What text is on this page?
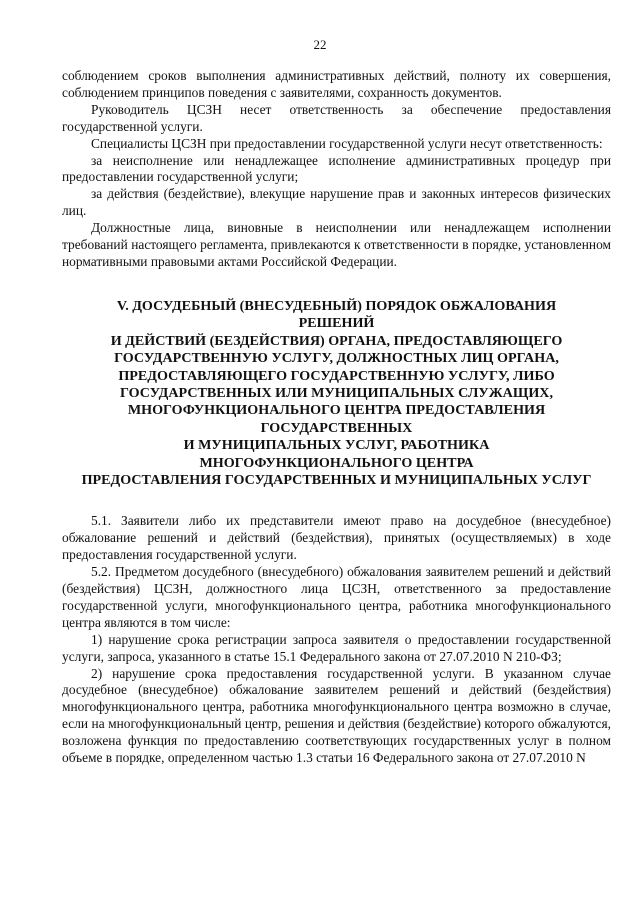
22

соблюдением сроков выполнения административных действий, полноту их совершения, соблюдением принципов поведения с заявителями, сохранность документов.

Руководитель ЦСЗН несет ответственность за обеспечение предоставления государственной услуги.

Специалисты ЦСЗН при предоставлении государственной услуги несут ответственность:

за неисполнение или ненадлежащее исполнение административных процедур при предоставлении государственной услуги;

за действия (бездействие), влекущие нарушение прав и законных интересов физических лиц.

Должностные лица, виновные в неисполнении или ненадлежащем исполнении требований настоящего регламента, привлекаются к ответственности в порядке, установленном нормативными правовыми актами Российской Федерации.

V. ДОСУДЕБНЫЙ (ВНЕСУДЕБНЫЙ) ПОРЯДОК ОБЖАЛОВАНИЯ
РЕШЕНИЙ
И ДЕЙСТВИЙ (БЕЗДЕЙСТВИЯ) ОРГАНА, ПРЕДОСТАВЛЯЮЩЕГО
ГОСУДАРСТВЕННУЮ УСЛУГУ, ДОЛЖНОСТНЫХ ЛИЦ ОРГАНА,
ПРЕДОСТАВЛЯЮЩЕГО ГОСУДАРСТВЕННУЮ УСЛУГУ, ЛИБО
ГОСУДАРСТВЕННЫХ ИЛИ МУНИЦИПАЛЬНЫХ СЛУЖАЩИХ,
МНОГОФУНКЦИОНАЛЬНОГО ЦЕНТРА ПРЕДОСТАВЛЕНИЯ
ГОСУДАРСТВЕННЫХ
И МУНИЦИПАЛЬНЫХ УСЛУГ, РАБОТНИКА
МНОГОФУНКЦИОНАЛЬНОГО ЦЕНТРА
ПРЕДОСТАВЛЕНИЯ ГОСУДАРСТВЕННЫХ И МУНИЦИПАЛЬНЫХ УСЛУГ

5.1. Заявители либо их представители имеют право на досудебное (внесудебное) обжалование решений и действий (бездействия), принятых (осуществляемых) в ходе предоставления государственной услуги.

5.2. Предметом досудебного (внесудебного) обжалования заявителем решений и действий (бездействия) ЦСЗН, должностного лица ЦСЗН, ответственного за предоставление государственной услуги, многофункционального центра, работника многофункционального центра являются в том числе:

1) нарушение срока регистрации запроса заявителя о предоставлении государственной услуги, запроса, указанного в статье 15.1 Федерального закона от 27.07.2010 N 210-ФЗ;

2) нарушение срока предоставления государственной услуги. В указанном случае досудебное (внесудебное) обжалование заявителем решений и действий (бездействия) многофункционального центра, работника многофункционального центра возможно в случае, если на многофункциональный центр, решения и действия (бездействие) которого обжалуются, возложена функция по предоставлению соответствующих государственных услуг в полном объеме в порядке, определенном частью 1.3 статьи 16 Федерального закона от 27.07.2010 N
